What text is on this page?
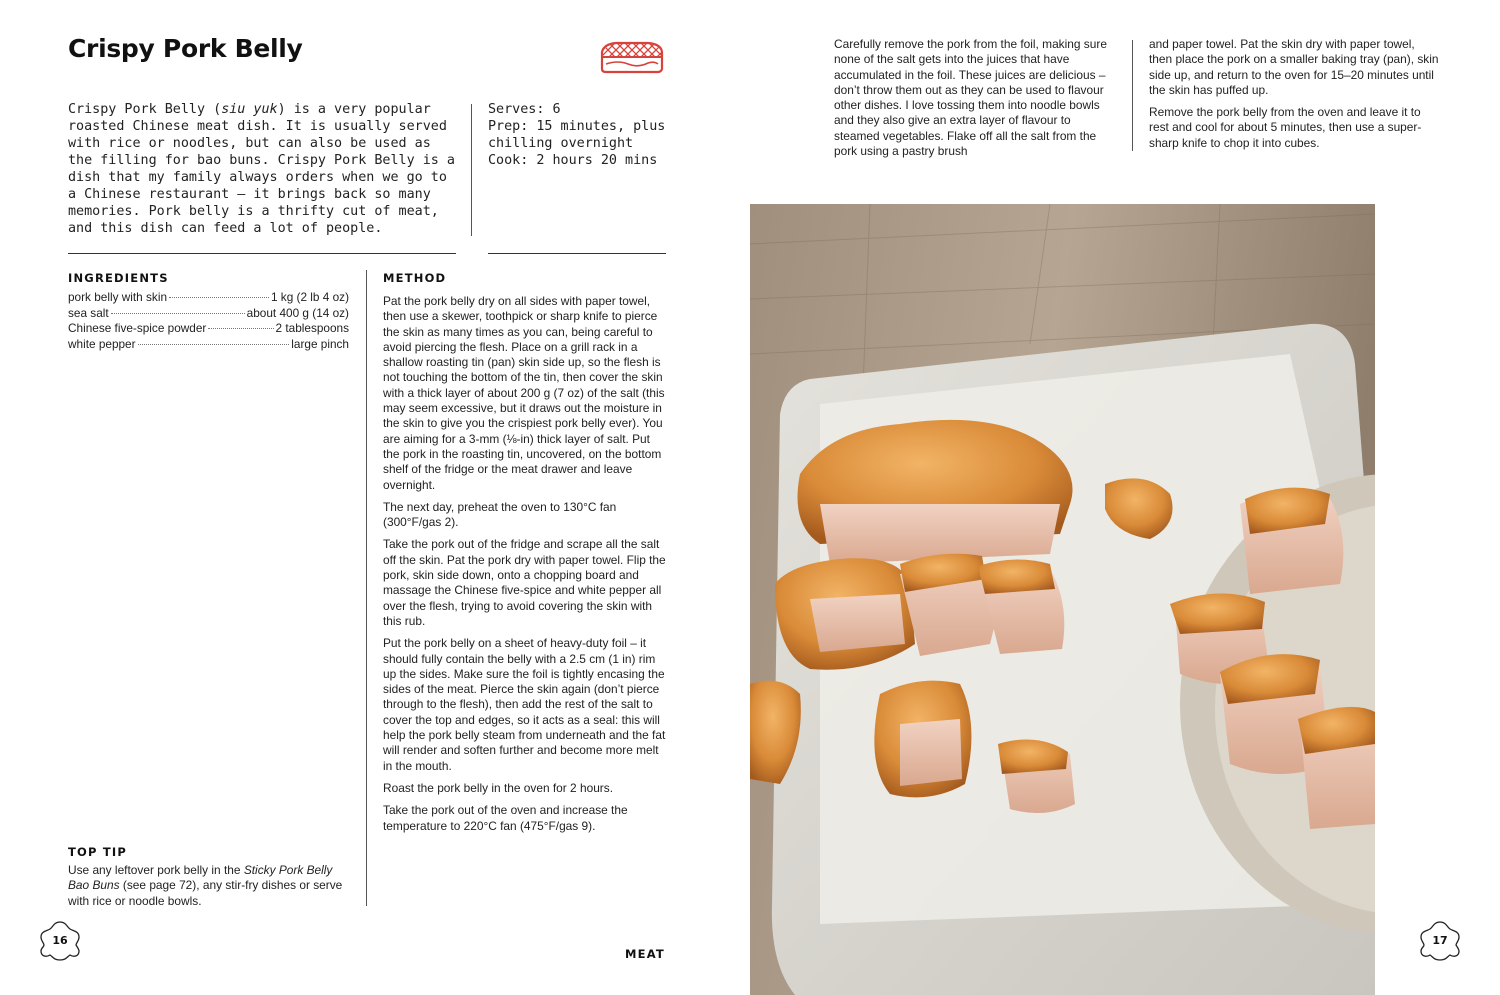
Crispy Pork Belly

Crispy Pork Belly (siu yuk) is a very popular roasted Chinese meat dish. It is usually served with rice or noodles, but can also be used as the filling for bao buns. Crispy Pork Belly is a dish that my family always orders when we go to a Chinese restaurant – it brings back so many memories. Pork belly is a thrifty cut of meat, and this dish can feed a lot of people.

Serves: 6
Prep: 15 minutes, plus chilling overnight
Cook: 2 hours 20 mins
INGREDIENTS
pork belly with skin	1 kg (2 lb 4 oz)
sea salt	about 400 g (14 oz)
Chinese five-spice powder	2 tablespoons
white pepper	large pinch
METHOD

Pat the pork belly dry on all sides with paper towel, then use a skewer, toothpick or sharp knife to pierce the skin as many times as you can, being careful to avoid piercing the flesh. Place on a grill rack in a shallow roasting tin (pan) skin side up, so the flesh is not touching the bottom of the tin, then cover the skin with a thick layer of about 200 g (7 oz) of the salt (this may seem excessive, but it draws out the moisture in the skin to give you the crispiest pork belly ever). You are aiming for a 3-mm (⅛-in) thick layer of salt. Put the pork in the roasting tin, uncovered, on the bottom shelf of the fridge or the meat drawer and leave overnight.

The next day, preheat the oven to 130°C fan (300°F/gas 2).

Take the pork out of the fridge and scrape all the salt off the skin. Pat the pork dry with paper towel. Flip the pork, skin side down, onto a chopping board and massage the Chinese five-spice and white pepper all over the flesh, trying to avoid covering the skin with this rub.

Put the pork belly on a sheet of heavy-duty foil – it should fully contain the belly with a 2.5 cm (1 in) rim up the sides. Make sure the foil is tightly encasing the sides of the meat. Pierce the skin again (don’t pierce through to the flesh), then add the rest of the salt to cover the top and edges, so it acts as a seal: this will help the pork belly steam from underneath and the fat will render and soften further and become more melt in the mouth.

Roast the pork belly in the oven for 2 hours.

Take the pork out of the oven and increase the temperature to 220°C fan (475°F/gas 9).

TOP TIP

Use any leftover pork belly in the Sticky Pork Belly Bao Buns (see page 72), any stir-fry dishes or serve with rice or noodle bowls.

16
MEAT

Carefully remove the pork from the foil, making sure none of the salt gets into the juices that have accumulated in the foil. These juices are delicious – don’t throw them out as they can be used to flavour other dishes. I love tossing them into noodle bowls and they also give an extra layer of flavour to steamed vegetables. Flake off all the salt from the pork using a pastry brush

and paper towel. Pat the skin dry with paper towel, then place the pork on a smaller baking tray (pan), skin side up, and return to the oven for 15–20 minutes until the skin has puffed up.

Remove the pork belly from the oven and leave it to rest and cool for about 5 minutes, then use a super-sharp knife to chop it into cubes.

17
